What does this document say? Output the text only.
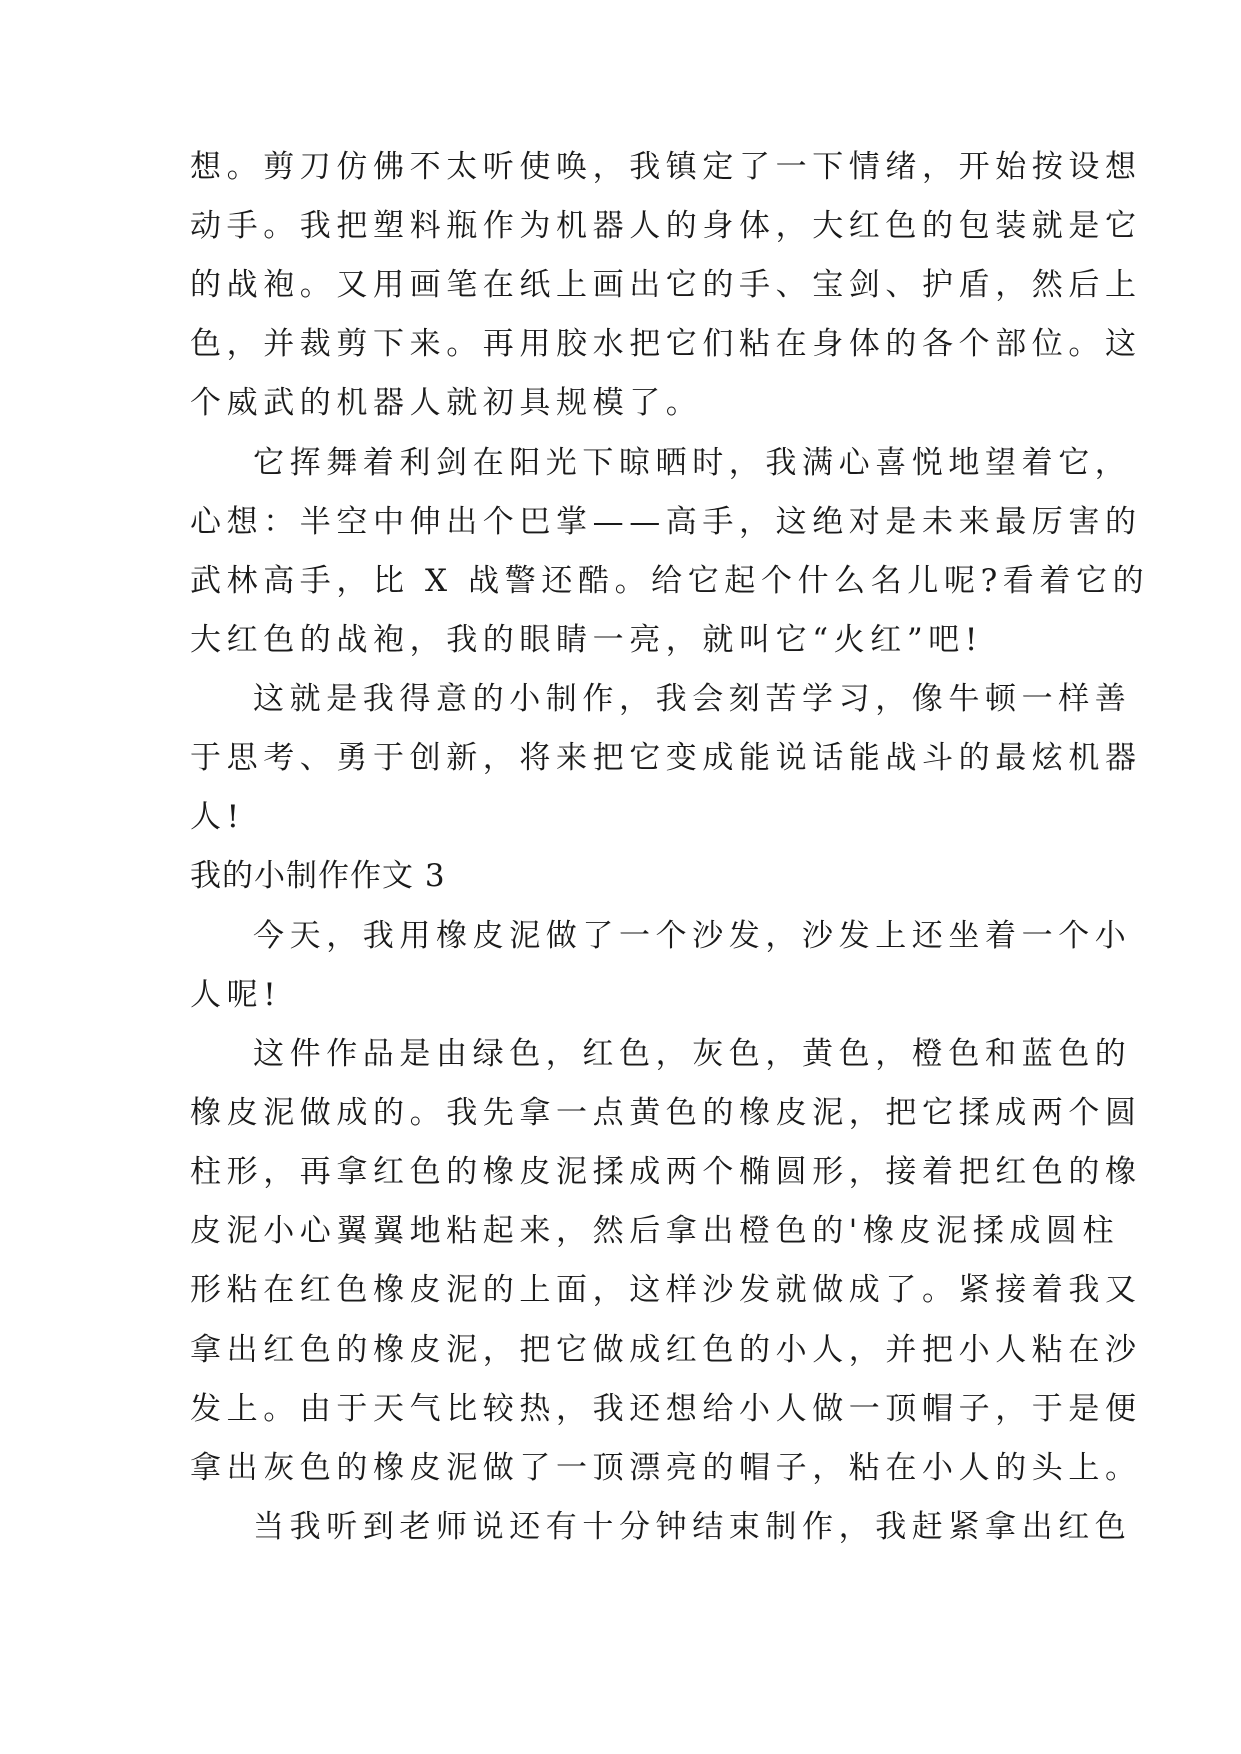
想。剪刀仿佛不太听使唤，我镇定了一下情绪，开始按设想
动手。我把塑料瓶作为机器人的身体，大红色的包装就是它
的战袍。又用画笔在纸上画出它的手、宝剑、护盾，然后上
色，并裁剪下来。再用胶水把它们粘在身体的各个部位。这
个威武的机器人就初具规模了。
它挥舞着利剑在阳光下晾晒时，我满心喜悦地望着它，
心想：半空中伸出个巴掌——高手，这绝对是未来最厉害的
武林高手，比 X 战警还酷。给它起个什么名儿呢?看着它的
大红色的战袍，我的眼睛一亮，就叫它“火红”吧!
这就是我得意的小制作，我会刻苦学习，像牛顿一样善
于思考、勇于创新，将来把它变成能说话能战斗的最炫机器
人!
我的小制作作文 3
今天，我用橡皮泥做了一个沙发，沙发上还坐着一个小
人呢!
这件作品是由绿色，红色，灰色，黄色，橙色和蓝色的
橡皮泥做成的。我先拿一点黄色的橡皮泥，把它揉成两个圆
柱形，再拿红色的橡皮泥揉成两个椭圆形，接着把红色的橡
皮泥小心翼翼地粘起来，然后拿出橙色的'橡皮泥揉成圆柱
形粘在红色橡皮泥的上面，这样沙发就做成了。紧接着我又
拿出红色的橡皮泥，把它做成红色的小人，并把小人粘在沙
发上。由于天气比较热，我还想给小人做一顶帽子，于是便
拿出灰色的橡皮泥做了一顶漂亮的帽子，粘在小人的头上。
当我听到老师说还有十分钟结束制作，我赶紧拿出红色
